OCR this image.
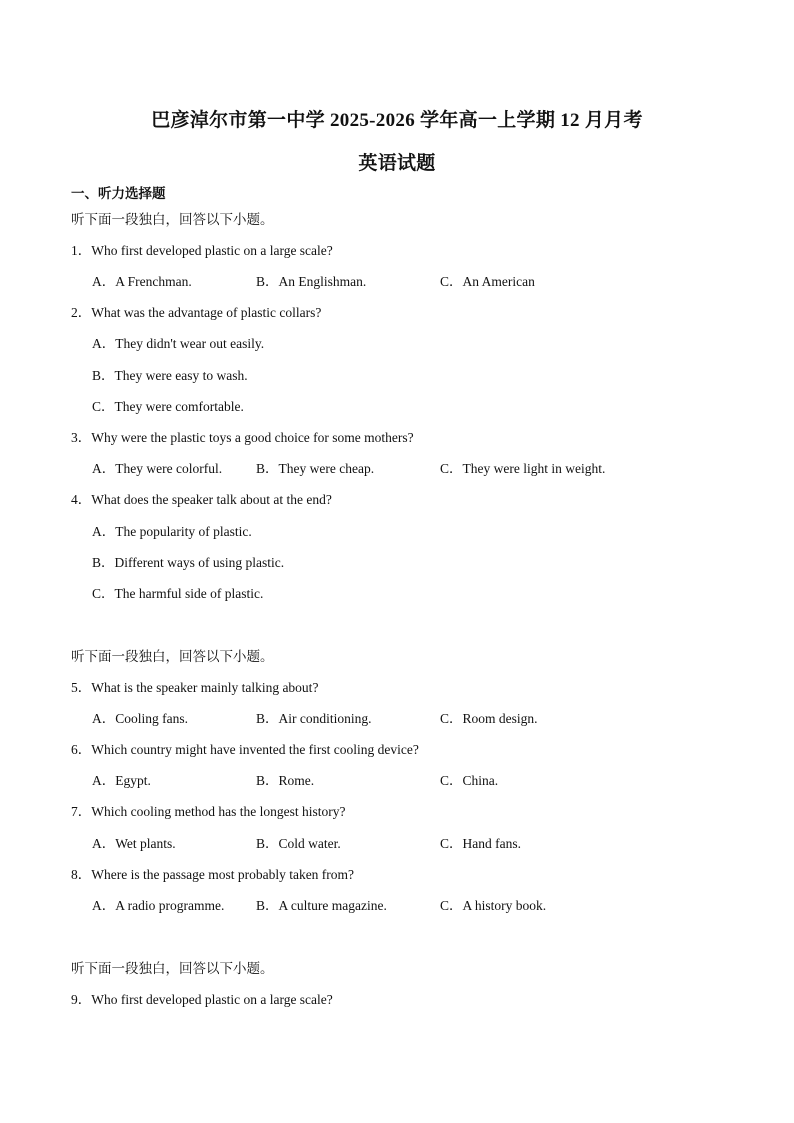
巴彦淖尔市第一中学 2025-2026 学年高一上学期 12 月月考
英语试题
一、听力选择题
听下面一段独白，回答以下小题。
1．Who first developed plastic on a large scale?
A．A Frenchman.	B．An Englishman.	C．An American
2．What was the advantage of plastic collars?
A．They didn't wear out easily.
B．They were easy to wash.
C．They were comfortable.
3．Why were the plastic toys a good choice for some mothers?
A．They were colorful.	B．They were cheap.	C．They were light in weight.
4．What does the speaker talk about at the end?
A．The popularity of plastic.
B．Different ways of using plastic.
C．The harmful side of plastic.
听下面一段独白，回答以下小题。
5．What is the speaker mainly talking about?
A．Cooling fans.	B．Air conditioning.	C．Room design.
6．Which country might have invented the first cooling device?
A．Egypt.	B．Rome.	C．China.
7．Which cooling method has the longest history?
A．Wet plants.	B．Cold water.	C．Hand fans.
8．Where is the passage most probably taken from?
A．A radio programme. B．A culture magazine.	C．A history book.
听下面一段独白，回答以下小题。
9．Who first developed plastic on a large scale?
